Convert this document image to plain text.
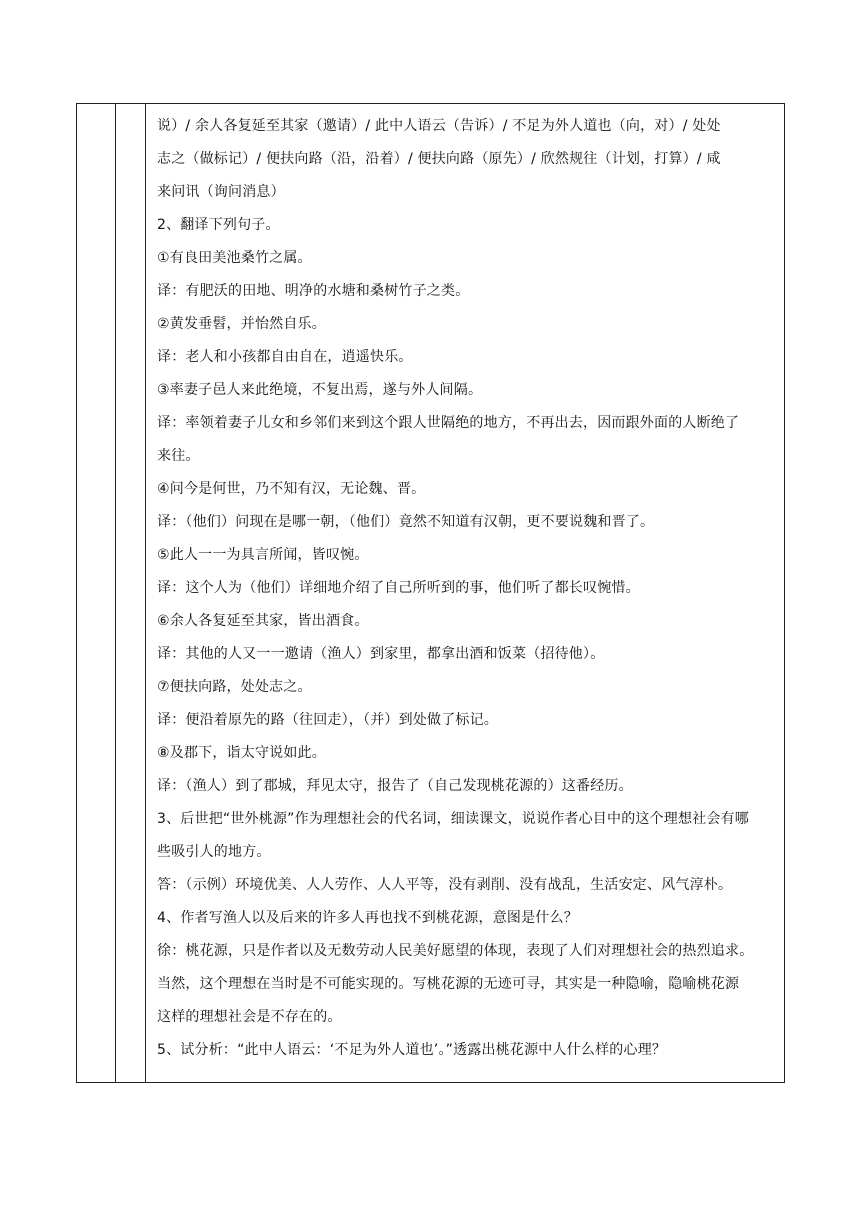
说）/ 余人各复延至其家（邀请）/ 此中人语云（告诉）/ 不足为外人道也（向，对）/ 处处

志之（做标记）/ 便扶向路（沿，沿着）/ 便扶向路（原先）/ 欣然规往（计划，打算）/ 咸

来问讯（询问消息）

2、翻译下列句子。

①有良田美池桑竹之属。

译：有肥沃的田地、明净的水塘和桑树竹子之类。

②黄发垂髫，并怡然自乐。

译：老人和小孩都自由自在，逍遥快乐。

③率妻子邑人来此绝境，不复出焉，遂与外人间隔。

译：率领着妻子儿女和乡邻们来到这个跟人世隔绝的地方，不再出去，因而跟外面的人断绝了

来往。

④问今是何世，乃不知有汉，无论魏、晋。

译：（他们）问现在是哪一朝，（他们）竟然不知道有汉朝，更不要说魏和晋了。

⑤此人一一为具言所闻，皆叹惋。

译：这个人为（他们）详细地介绍了自己所听到的事，他们听了都长叹惋惜。

⑥余人各复延至其家，皆出酒食。

译：其他的人又一一邀请（渔人）到家里，都拿出酒和饭菜（招待他）。

⑦便扶向路，处处志之。

译：便沿着原先的路（往回走），（并）到处做了标记。

⑧及郡下，诣太守说如此。

译：（渔人）到了郡城，拜见太守，报告了（自己发现桃花源的）这番经历。

3、后世把“世外桃源”作为理想社会的代名词，细读课文，说说作者心目中的这个理想社会有哪

些吸引人的地方。

答：（示例）环境优美、人人劳作、人人平等，没有剥削、没有战乱，生活安定、风气淳朴。

4、作者写渔人以及后来的许多人再也找不到桃花源，意图是什么？

徐：桃花源，只是作者以及无数劳动人民美好愿望的体现，表现了人们对理想社会的热烈追求。

当然，这个理想在当时是不可能实现的。写桃花源的无迹可寻，其实是一种隐喻，隐喻桃花源

这样的理想社会是不存在的。

5、试分析：“此中人语云：‘不足为外人道也’。”透露出桃花源中人什么样的心理？
